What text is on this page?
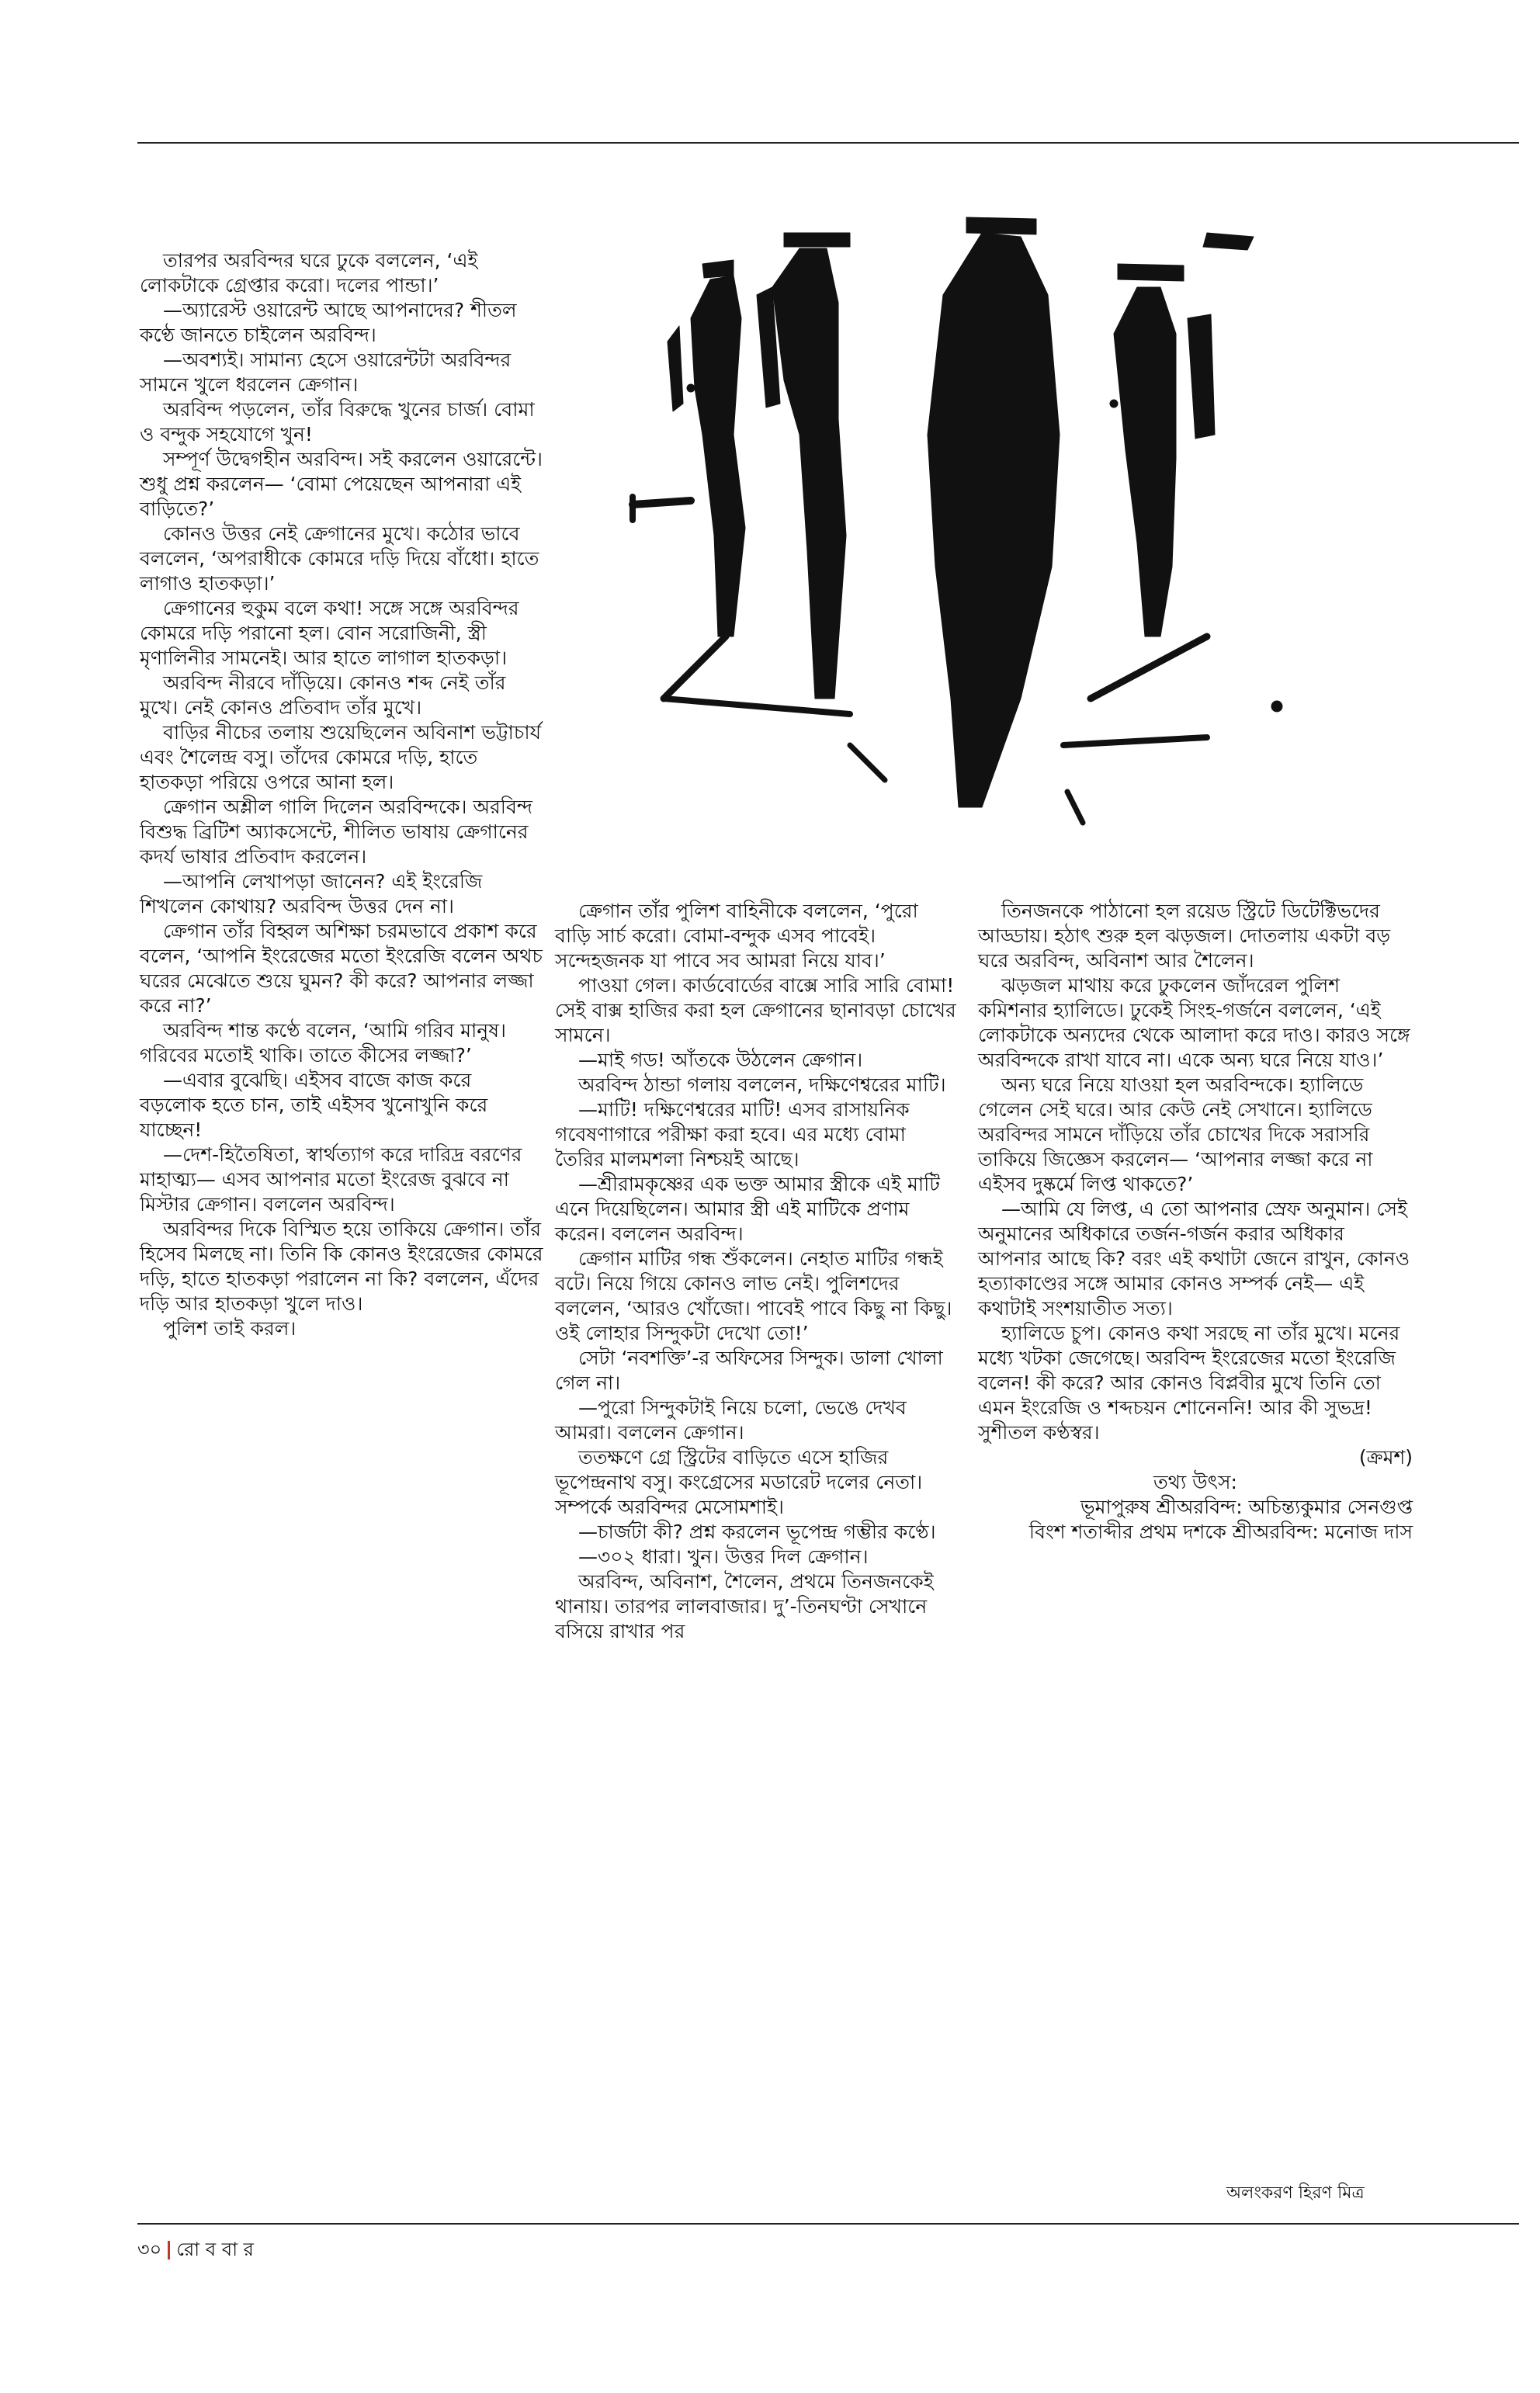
তারপর অরবিন্দর ঘরে ঢুকে বললেন, ‘এই লোকটাকে গ্রেপ্তার করো। দলের পান্ডা।’

—অ্যারেস্ট ওয়ারেন্ট আছে আপনাদের? শীতল কণ্ঠে জানতে চাইলেন অরবিন্দ।

—অবশ্যই। সামান্য হেসে ওয়ারেন্টটা অরবিন্দর সামনে খুলে ধরলেন ক্রেগান।

অরবিন্দ পড়লেন, তাঁর বিরুদ্ধে খুনের চার্জ। বোমা ও বন্দুক সহযোগে খুন!

সম্পূর্ণ উদ্বেগহীন অরবিন্দ। সই করলেন ওয়ারেন্টে। শুধু প্রশ্ন করলেন— ‘বোমা পেয়েছেন আপনারা এই বাড়িতে?’

কোনও উত্তর নেই ক্রেগানের মুখে। কঠোর ভাবে বললেন, ‘অপরাধীকে কোমরে দড়ি দিয়ে বাঁধো। হাতে লাগাও হাতকড়া।’

ক্রেগানের হুকুম বলে কথা! সঙ্গে সঙ্গে অরবিন্দর কোমরে দড়ি পরানো হল। বোন সরোজিনী, স্ত্রী মৃণালিনীর সামনেই। আর হাতে লাগাল হাতকড়া।

অরবিন্দ নীরবে দাঁড়িয়ে। কোনও শব্দ নেই তাঁর মুখে। নেই কোনও প্রতিবাদ তাঁর মুখে।

বাড়ির নীচের তলায় শুয়েছিলেন অবিনাশ ভট্টাচার্য এবং শৈলেন্দ্র বসু। তাঁদের কোমরে দড়ি, হাতে হাতকড়া পরিয়ে ওপরে আনা হল।

ক্রেগান অশ্লীল গালি দিলেন অরবিন্দকে। অরবিন্দ বিশুদ্ধ ব্রিটিশ অ্যাকসেন্টে, শীলিত ভাষায় ক্রেগানের কদর্য ভাষার প্রতিবাদ করলেন।

—আপনি লেখাপড়া জানেন? এই ইংরেজি শিখলেন কোথায়? অরবিন্দ উত্তর দেন না।

ক্রেগান তাঁর বিহ্বল অশিক্ষা চরমভাবে প্রকাশ করে বলেন, ‘আপনি ইংরেজের মতো ইংরেজি বলেন অথচ ঘরের মেঝেতে শুয়ে ঘুমন? কী করে? আপনার লজ্জা করে না?’

অরবিন্দ শান্ত কণ্ঠে বলেন, ‘আমি গরিব মানুষ। গরিবের মতোই থাকি। তাতে কীসের লজ্জা?’

—এবার বুঝেছি। এইসব বাজে কাজ করে বড়লোক হতে চান, তাই এইসব খুনোখুনি করে যাচ্ছেন!

—দেশ-হিতৈষিতা, স্বার্থত্যাগ করে দারিদ্র বরণের মাহাত্ম্য— এসব আপনার মতো ইংরেজ বুঝবে না মিস্টার ক্রেগান। বললেন অরবিন্দ।

অরবিন্দর দিকে বিস্মিত হয়ে তাকিয়ে ক্রেগান। তাঁর হিসেব মিলছে না। তিনি কি কোনও ইংরেজের কোমরে দড়ি, হাতে হাতকড়া পরালেন না কি? বললেন, এঁদের দড়ি আর হাতকড়া খুলে দাও।

পুলিশ তাই করল।

ক্রেগান তাঁর পুলিশ বাহিনীকে বললেন, ‘পুরো বাড়ি সার্চ করো। বোমা-বন্দুক এসব পাবেই। সন্দেহজনক যা পাবে সব আমরা নিয়ে যাব।’

পাওয়া গেল। কার্ডবোর্ডের বাক্সে সারি সারি বোমা! সেই বাক্স হাজির করা হল ক্রেগানের ছানাবড়া চোখের সামনে।

—মাই গড! আঁতকে উঠলেন ক্রেগান।

অরবিন্দ ঠান্ডা গলায় বললেন, দক্ষিণেশ্বরের মাটি।

—মাটি! দক্ষিণেশ্বরের মাটি! এসব রাসায়নিক গবেষণাগারে পরীক্ষা করা হবে। এর মধ্যে বোমা তৈরির মালমশলা নিশ্চয়ই আছে।

—শ্রীরামকৃষ্ণের এক ভক্ত আমার স্ত্রীকে এই মাটি এনে দিয়েছিলেন। আমার স্ত্রী এই মাটিকে প্রণাম করেন। বললেন অরবিন্দ।

ক্রেগান মাটির গন্ধ শুঁকলেন। নেহাত মাটির গন্ধই বটে। নিয়ে গিয়ে কোনও লাভ নেই। পুলিশদের বললেন, ‘আরও খোঁজো। পাবেই পাবে কিছু না কিছু। ওই লোহার সিন্দুকটা দেখো তো!’

সেটা ‘নবশক্তি’-র অফিসের সিন্দুক। ডালা খোলা গেল না।

—পুরো সিন্দুকটাই নিয়ে চলো, ভেঙে দেখব আমরা। বললেন ক্রেগান।

ততক্ষণে গ্রে স্ট্রিটের বাড়িতে এসে হাজির ভূপেন্দ্রনাথ বসু। কংগ্রেসের মডারেট দলের নেতা। সম্পর্কে অরবিন্দর মেসোমশাই।

—চার্জটা কী? প্রশ্ন করলেন ভূপেন্দ্র গম্ভীর কণ্ঠে।

—৩০২ ধারা। খুন। উত্তর দিল ক্রেগান।

অরবিন্দ, অবিনাশ, শৈলেন, প্রথমে তিনজনকেই থানায়। তারপর লালবাজার। দু’-তিনঘণ্টা সেখানে বসিয়ে রাখার পর

তিনজনকে পাঠানো হল রয়েড স্ট্রিটে ডিটেক্টিভদের আড্ডায়। হঠাৎ শুরু হল ঝড়জল। দোতলায় একটা বড় ঘরে অরবিন্দ, অবিনাশ আর শৈলেন।

ঝড়জল মাথায় করে ঢুকলেন জাঁদরেল পুলিশ কমিশনার হ্যালিডে। ঢুকেই সিংহ-গর্জনে বললেন, ‘এই লোকটাকে অন্যদের থেকে আলাদা করে দাও। কারও সঙ্গে অরবিন্দকে রাখা যাবে না। একে অন্য ঘরে নিয়ে যাও।’

অন্য ঘরে নিয়ে যাওয়া হল অরবিন্দকে। হ্যালিডে গেলেন সেই ঘরে। আর কেউ নেই সেখানে। হ্যালিডে অরবিন্দর সামনে দাঁড়িয়ে তাঁর চোখের দিকে সরাসরি তাকিয়ে জিজ্ঞেস করলেন— ‘আপনার লজ্জা করে না এইসব দুষ্কর্মে লিপ্ত থাকতে?’

—আমি যে লিপ্ত, এ তো আপনার স্রেফ অনুমান। সেই অনুমানের অধিকারে তর্জন-গর্জন করার অধিকার আপনার আছে কি? বরং এই কথাটা জেনে রাখুন, কোনও হত্যাকাণ্ডের সঙ্গে আমার কোনও সম্পর্ক নেই— এই কথাটাই সংশয়াতীত সত্য।

হ্যালিডে চুপ। কোনও কথা সরছে না তাঁর মুখে। মনের মধ্যে খটকা জেগেছে। অরবিন্দ ইংরেজের মতো ইংরেজি বলেন! কী করে? আর কোনও বিপ্লবীর মুখে তিনি তো এমন ইংরেজি ও শব্দচয়ন শোনেননি! আর কী সুভদ্র! সুশীতল কণ্ঠস্বর।

(ক্রমশ)

তথ্য উৎস:

ভূমাপুরুষ শ্রীঅরবিন্দ: অচিন্ত্যকুমার সেনগুপ্ত

বিংশ শতাব্দীর প্রথম দশকে শ্রীঅরবিন্দ: মনোজ দাস

অলংকরণ হিরণ মিত্র
৩০ রো ব বা র
